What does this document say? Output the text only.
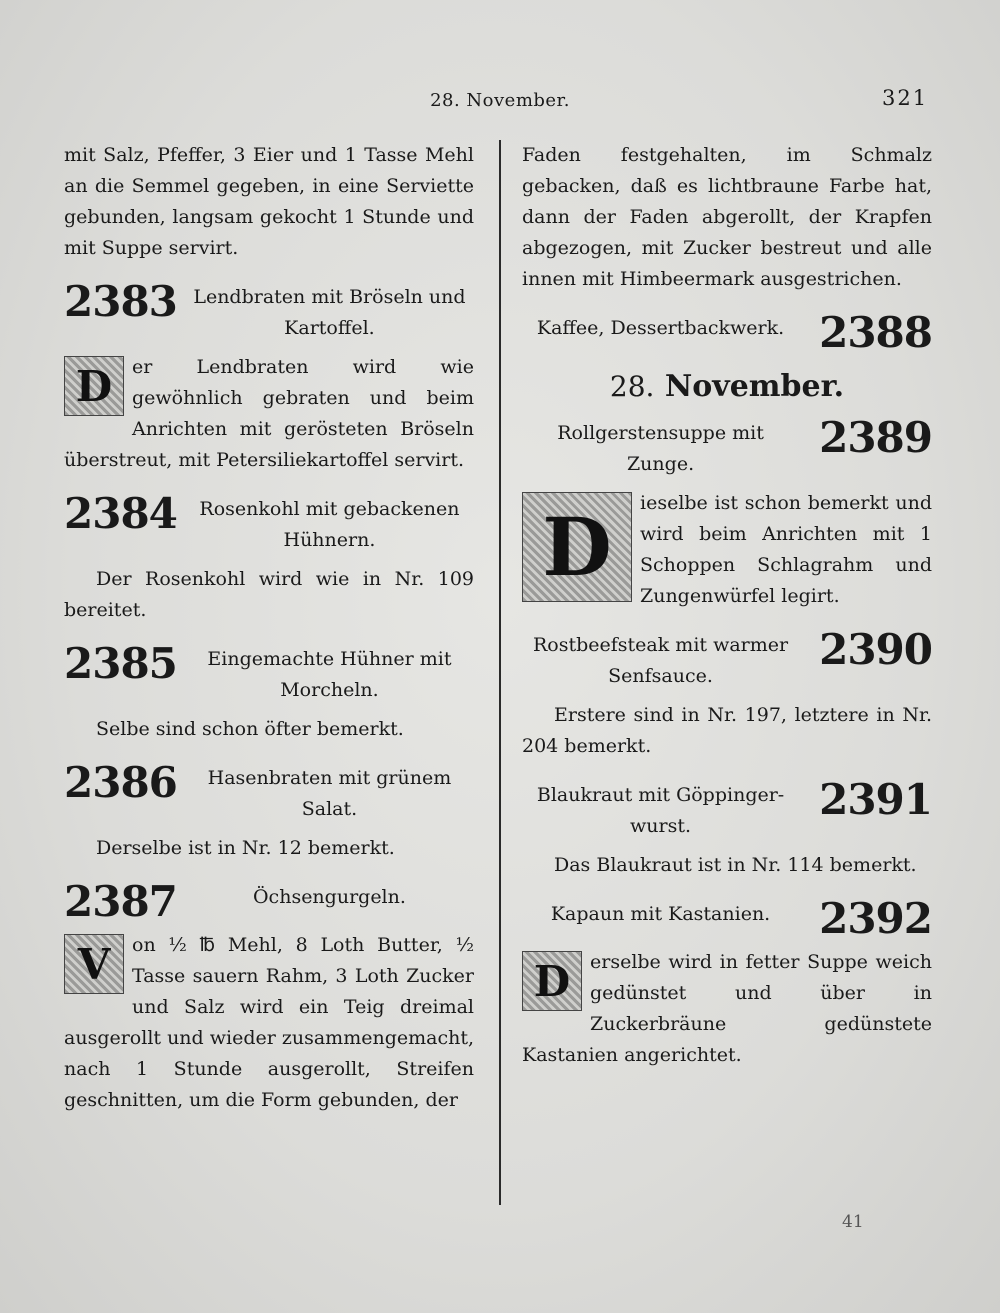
28. November.	321

mit Salz, Pfeffer, 3 Eier und 1 Tasse Mehl an die Semmel gegeben, in eine Serviette gebunden, langsam gekocht 1 Stunde und mit Suppe servirt.

2383 Lendbraten mit Bröseln und Kartoffel.

D	er Lendbraten wird wie gewöhnlich gebraten und beim Anrichten mit gerösteten Bröseln überstreut, mit Petersiliekartoffel servirt.

2384	Rosenkohl mit gebackenen Hühnern.

Der Rosenkohl wird wie in Nr. 109 bereitet.

2385	Eingemachte Hühner mit Morcheln.

Selbe sind schon öfter bemerkt.

2386	Hasenbraten mit grünem Salat.

Derselbe ist in Nr. 12 bemerkt.

2387	Öchsengurgeln.

V	on ½ ℔ Mehl, 8 Loth Butter, ½ Tasse sauern Rahm, 3 Loth Zucker und Salz wird ein Teig dreimal ausgerollt und wieder zusammengemacht, nach 1 Stunde ausgerollt, Streifen geschnitten, um die Form gebunden, der

Faden festgehalten, im Schmalz gebacken, daß es lichtbraune Farbe hat, dann der Faden abgerollt, der Krapfen abgezogen, mit Zucker bestreut und alle innen mit Himbeermark ausgestrichen.

Kaffee, Dessertbackwerk. 2388
28. November.
Rollgerstensuppe mit Zunge.
2389

D	ieselbe ist schon bemerkt und wird beim Anrichten mit 1 Schoppen Schlagrahm und Zungenwürfel legirt.

Rostbeefsteak mit warmer Senfsauce.
2390

Erstere sind in Nr. 197, letztere in Nr. 204 bemerkt.

Blaukraut mit Göppinger-wurst.
2391

Das Blaukraut ist in Nr. 114 bemerkt.

Kapaun mit Kastanien.	2392

D	erselbe wird in fetter Suppe weich gedünstet und über in Zuckerbräune gedünstete Kastanien angerichtet.

41
